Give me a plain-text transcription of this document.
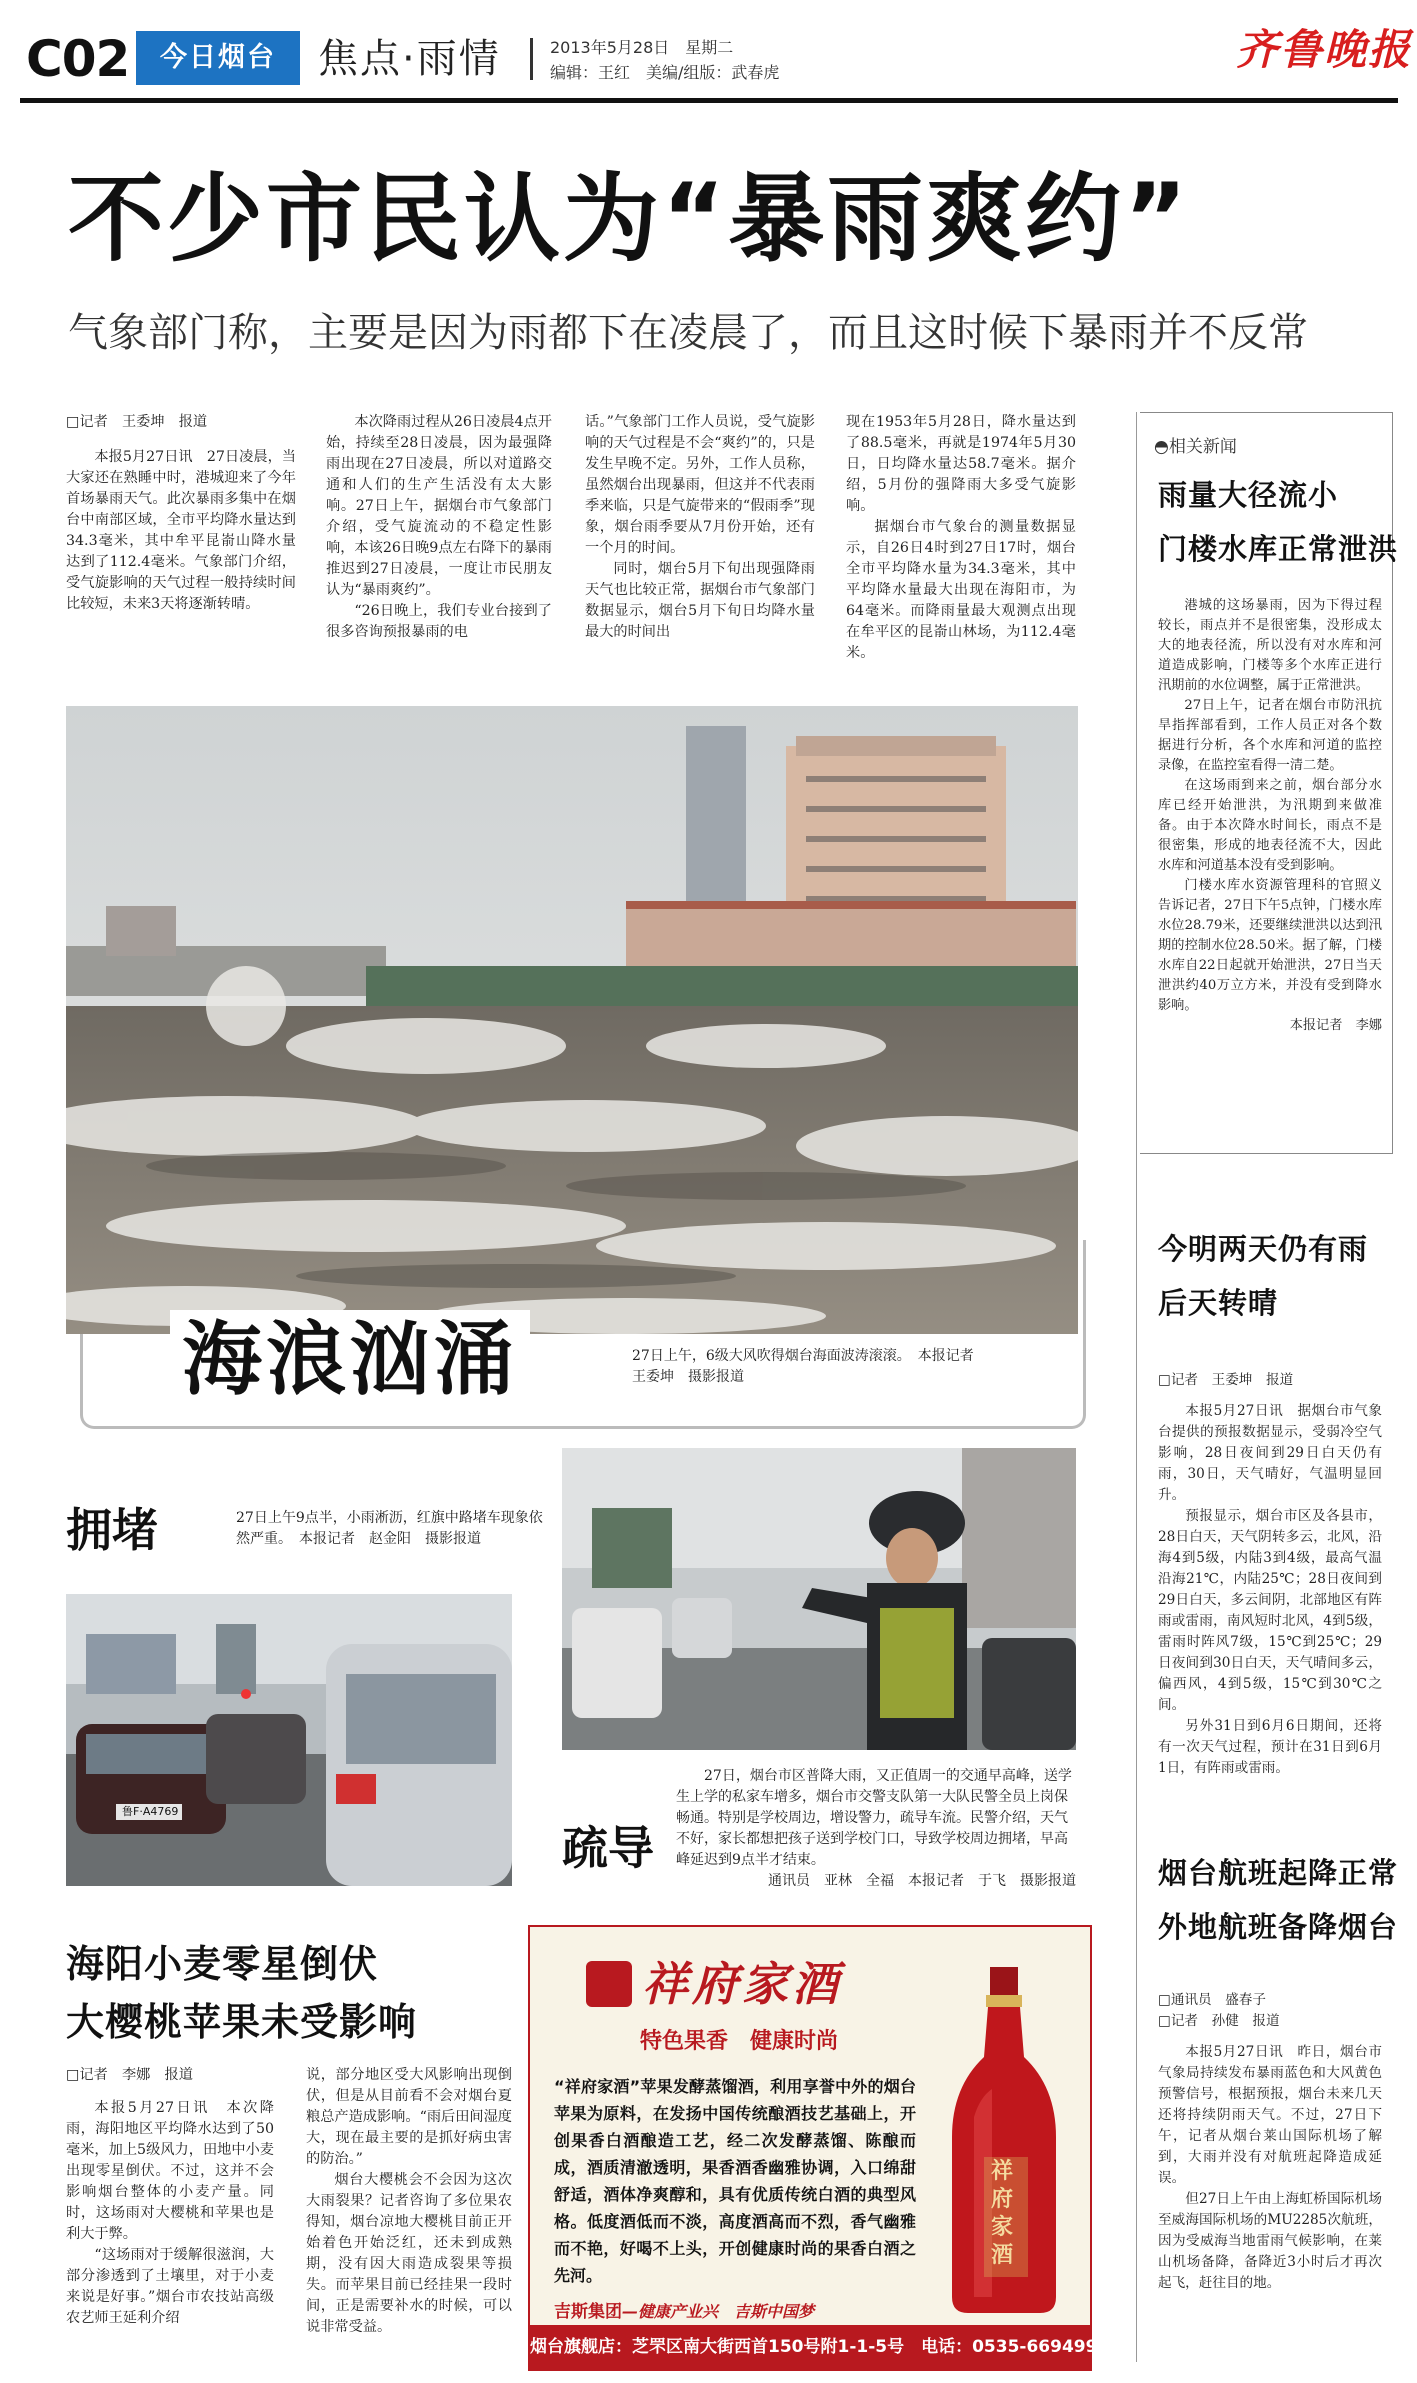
C02	今日烟台	焦点·雨情	2013年5月28日　星期二
编辑：王红　美编/组版：武春虎	齐鲁晚报
不少市民认为“暴雨爽约”
气象部门称，主要是因为雨都下在凌晨了，而且这时候下暴雨并不反常
□记者　王委坤　报道
本报5月27日讯　27日凌晨，当大家还在熟睡中时，港城迎来了今年首场暴雨天气。此次暴雨多集中在烟台中南部区域，全市平均降水量达到34.3毫米，其中牟平昆嵛山降水量达到了112.4毫米。气象部门介绍，受气旋影响的天气过程一般持续时间比较短，未来3天将逐渐转晴。
本次降雨过程从26日凌晨4点开始，持续至28日凌晨，因为最强降雨出现在27日凌晨，所以对道路交通和人们的生产生活没有太大影响。27日上午，据烟台市气象部门介绍，受气旋流动的不稳定性影响，本该26日晚9点左右降下的暴雨推迟到27日凌晨，一度让市民朋友认为“暴雨爽约”。
“26日晚上，我们专业台接到了很多咨询预报暴雨的电
话。”气象部门工作人员说，受气旋影响的天气过程是不会“爽约”的，只是发生早晚不定。另外，工作人员称，虽然烟台出现暴雨，但这并不代表雨季来临，只是气旋带来的“假雨季”现象，烟台雨季要从7月份开始，还有一个月的时间。
同时，烟台5月下旬出现强降雨天气也比较正常，据烟台市气象部门数据显示，烟台5月下旬日均降水量最大的时间出
现在1953年5月28日，降水量达到了88.5毫米，再就是1974年5月30日，日均降水量达58.7毫米。据介绍，5月份的强降雨大多受气旋影响。
据烟台市气象台的测量数据显示，自26日4时到27日17时，烟台全市平均降水量为34.3毫米，其中平均降水量最大出现在海阳市，为64毫米。而降雨量最大观测点出现在牟平区的昆嵛山林场，为112.4毫米。
海浪汹涌	27日上午，6级大风吹得烟台海面波涛滚滚。　本报记者　王委坤　摄影报道
拥堵	27日上午9点半，小雨淅沥，红旗中路堵车现象依然严重。　本报记者　赵金阳　摄影报道
鲁F·A4769
疏导
27日，烟台市区普降大雨，又正值周一的交通早高峰，送学生上学的私家车增多，烟台市交警支队第一大队民警全员上岗保畅通。特别是学校周边，增设警力，疏导车流。民警介绍，天气不好，家长都想把孩子送到学校门口，导致学校周边拥堵，早高峰延迟到9点半才结束。
通讯员　亚林　全福　本报记者　于飞　摄影报道
海阳小麦零星倒伏
大樱桃苹果未受影响
□记者　李娜　报道
本报5月27日讯　本次降雨，海阳地区平均降水达到了50毫米，加上5级风力，田地中小麦出现零星倒伏。不过，这并不会影响烟台整体的小麦产量。同时，这场雨对大樱桃和苹果也是利大于弊。
“这场雨对于缓解很滋润，大部分渗透到了土壤里，对于小麦来说是好事。”烟台市农技站高级农艺师王延利介绍
说，部分地区受大风影响出现倒伏，但是从目前看不会对烟台夏粮总产造成影响。“雨后田间湿度大，现在最主要的是抓好病虫害的防治。”
烟台大樱桃会不会因为这次大雨裂果？记者咨询了多位果农得知，烟台凉地大樱桃目前正开始着色开始泛红，还未到成熟期，没有因大雨造成裂果等损失。而苹果目前已经挂果一段时间，正是需要补水的时候，可以说非常受益。
祥府家酒
特色果香　健康时尚
“祥府家酒”苹果发酵蒸馏酒，利用享誉中外的烟台苹果为原料，在发扬中国传统酿酒技艺基础上，开创果香白酒酿造工艺，经二次发酵蒸馏、陈酿而成，酒质清澈透明，果香酒香幽雅协调，入口绵甜舒适，酒体净爽醇和，具有优质传统白酒的典型风格。低度酒低而不淡，高度酒高而不烈，香气幽雅而不艳，好喝不上头，开创健康时尚的果香白酒之先河。
吉斯集团—健康产业兴　吉斯中国梦
祥府家酒
烟台旗舰店：芝罘区南大街西首150号附1-1-5号　电话：0535-6694999
◓相关新闻
雨量大径流小
门楼水库正常泄洪
港城的这场暴雨，因为下得过程较长，雨点并不是很密集，没形成太大的地表径流，所以没有对水库和河道造成影响，门楼等多个水库正进行汛期前的水位调整，属于正常泄洪。
27日上午，记者在烟台市防汛抗旱指挥部看到，工作人员正对各个数据进行分析，各个水库和河道的监控录像，在监控室看得一清二楚。
在这场雨到来之前，烟台部分水库已经开始泄洪，为汛期到来做准备。由于本次降水时间长，雨点不是很密集，形成的地表径流不大，因此水库和河道基本没有受到影响。
门楼水库水资源管理科的官照义告诉记者，27日下午5点钟，门楼水库水位28.79米，还要继续泄洪以达到汛期的控制水位28.50米。据了解，门楼水库自22日起就开始泄洪，27日当天泄洪约40万立方米，并没有受到降水影响。
本报记者　李娜
今明两天仍有雨
后天转晴
□记者　王委坤　报道
本报5月27日讯　据烟台市气象台提供的预报数据显示，受弱冷空气影响，28日夜间到29日白天仍有雨，30日，天气晴好，气温明显回升。
预报显示，烟台市区及各县市，28日白天，天气阴转多云，北风，沿海4到5级，内陆3到4级，最高气温沿海21℃，内陆25℃；28日夜间到29日白天，多云间阴，北部地区有阵雨或雷雨，南风短时北风，4到5级，雷雨时阵风7级，15℃到25℃；29日夜间到30日白天，天气晴间多云，偏西风，4到5级，15℃到30℃之间。
另外31日到6月6日期间，还将有一次天气过程，预计在31日到6月1日，有阵雨或雷雨。
烟台航班起降正常
外地航班备降烟台
□通讯员　盛春子
□记者　孙健　报道
本报5月27日讯　昨日，烟台市气象局持续发布暴雨蓝色和大风黄色预警信号，根据预报，烟台未来几天还将持续阴雨天气。不过，27日下午，记者从烟台莱山国际机场了解到，大雨并没有对航班起降造成延误。
但27日上午由上海虹桥国际机场至威海国际机场的MU2285次航班，因为受威海当地雷雨气候影响，在莱山机场备降，备降近3小时后才再次起飞，赶往目的地。
